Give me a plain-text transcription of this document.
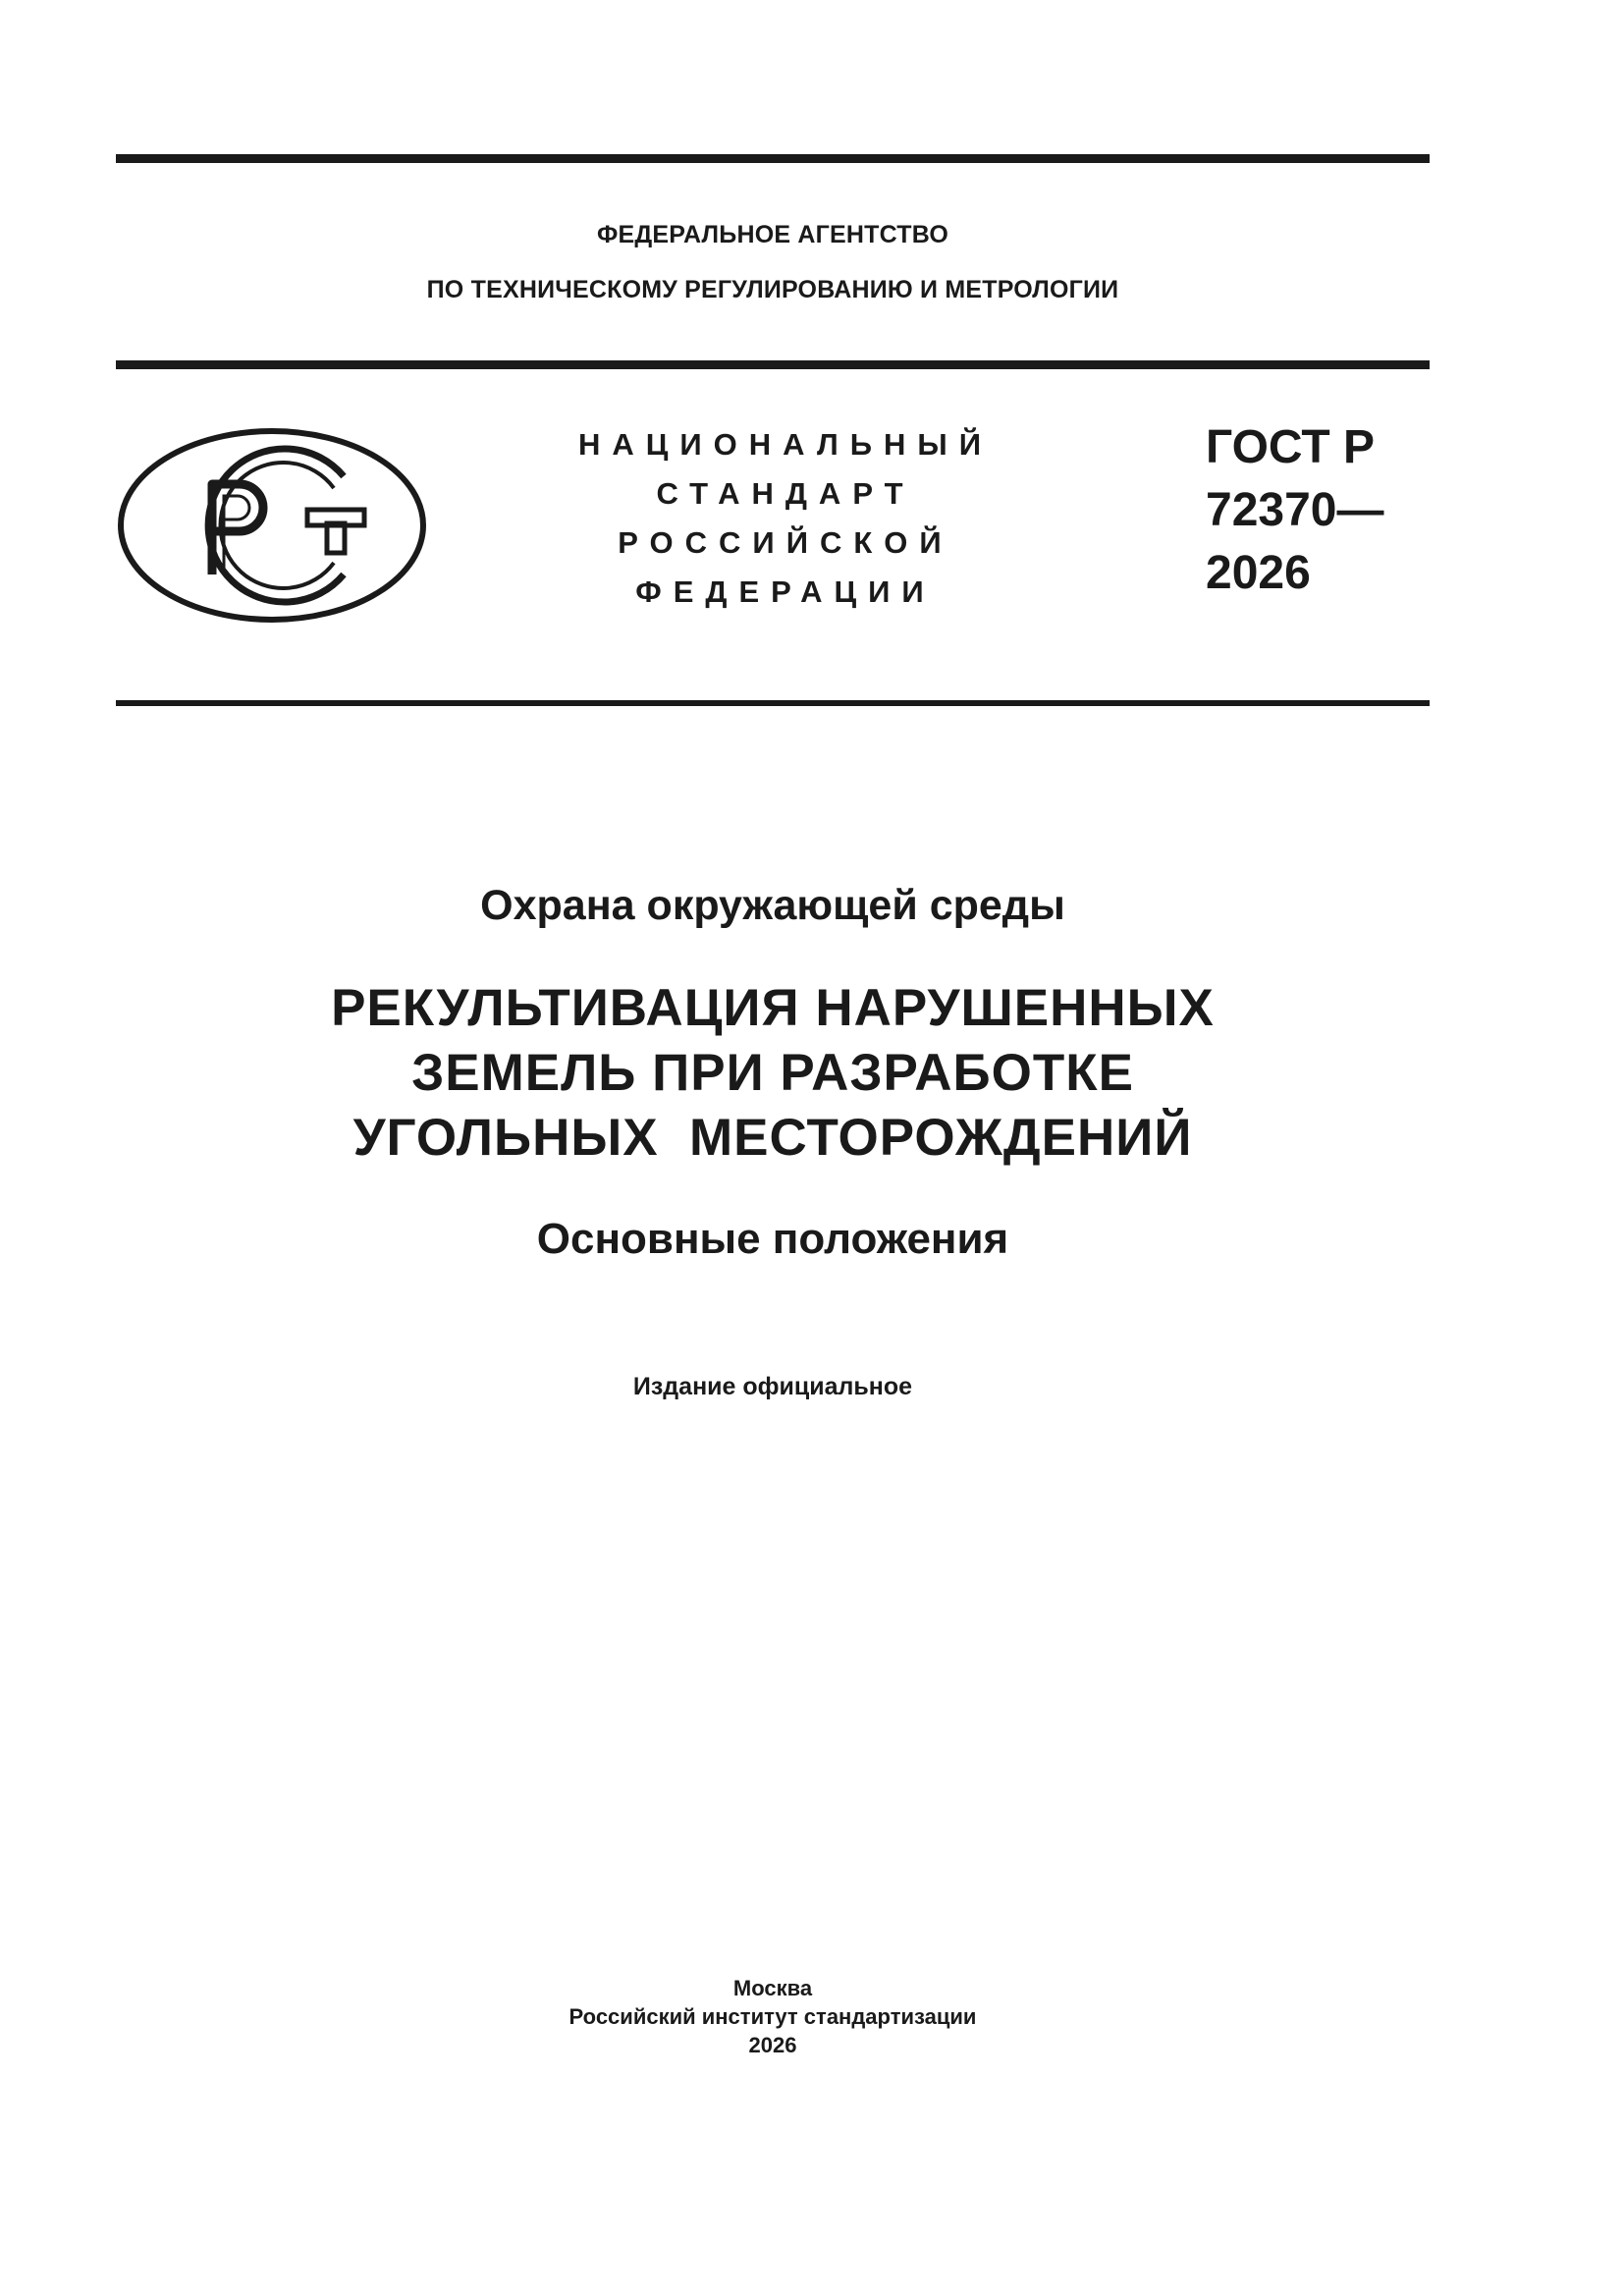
ФЕДЕРАЛЬНОЕ АГЕНТСТВО
ПО ТЕХНИЧЕСКОМУ РЕГУЛИРОВАНИЮ И МЕТРОЛОГИИ
НАЦИОНАЛЬНЫЙ
СТАНДАРТ
РОССИЙСКОЙ
ФЕДЕРАЦИИ
ГОСТ Р
72370—
2026
Охрана окружающей среды
РЕКУЛЬТИВАЦИЯ НАРУШЕННЫХ
ЗЕМЕЛЬ ПРИ РАЗРАБОТКЕ
УГОЛЬНЫХ  МЕСТОРОЖДЕНИЙ
Основные положения
Издание официальное
Москва
Российский институт стандартизации
2026
